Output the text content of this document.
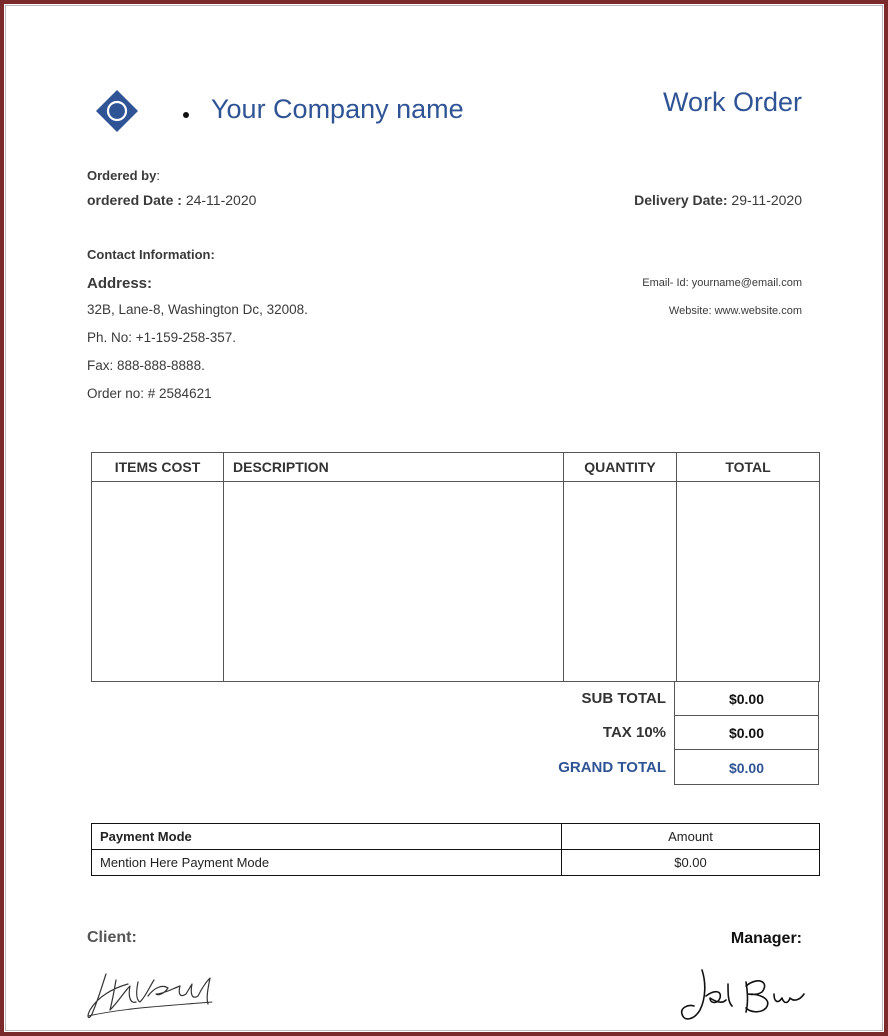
Your Company name	Work Order
Ordered by:
ordered Date : 24-11-2020	Delivery Date: 29-11-2020
Contact Information:
Address:
32B, Lane-8, Washington Dc, 32008.
Ph. No: +1-159-258-357.
Fax: 888-888-8888.
Order no: # 2584621
Email- Id: yourname@email.com
Website: www.website.com
ITEMS COST	DESCRIPTION	QUANTITY	TOTAL

SUB TOTAL	$0.00
TAX 10%	$0.00
GRAND TOTAL	$0.00
Payment Mode	Amount
Mention Here Payment Mode	$0.00
Client:	Manager:
